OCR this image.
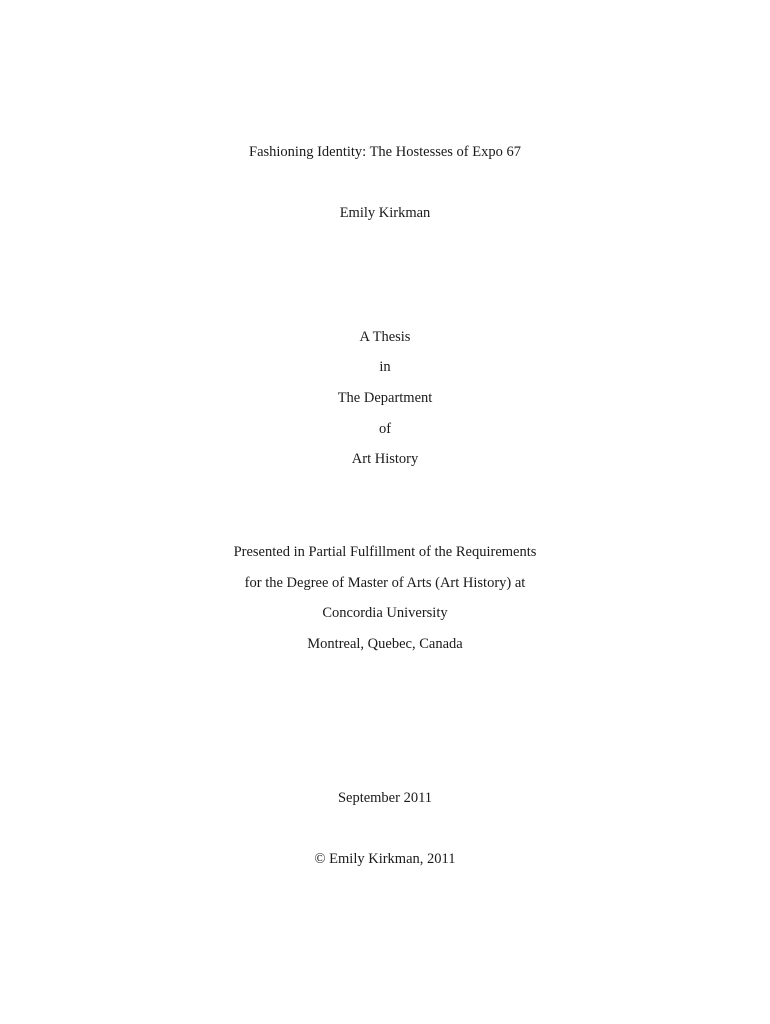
Fashioning Identity: The Hostesses of Expo 67
Emily Kirkman
A Thesis
in
The Department
of
Art History
Presented in Partial Fulfillment of the Requirements
for the Degree of Master of Arts (Art History) at
Concordia University
Montreal, Quebec, Canada
September 2011
© Emily Kirkman, 2011
